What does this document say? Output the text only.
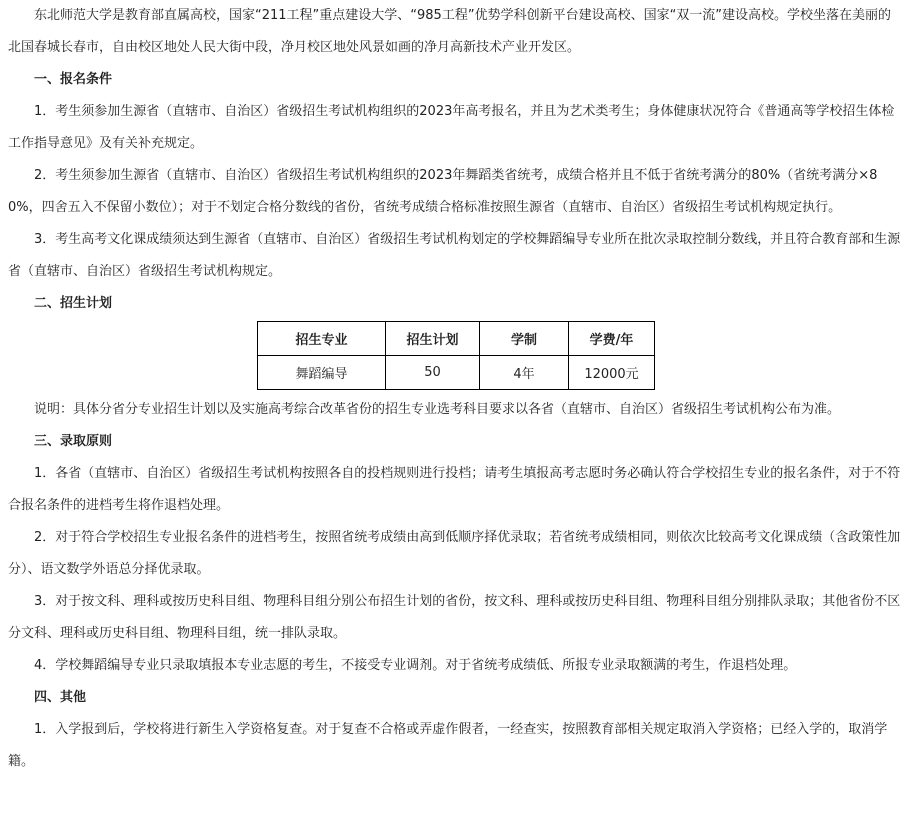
东北师范大学是教育部直属高校，国家“211工程”重点建设大学、“985工程”优势学科创新平台建设高校、国家“双一流”建设高校。学校坐落在美丽的北国春城长春市，自由校区地处人民大街中段，净月校区地处风景如画的净月高新技术产业开发区。

一、报名条件

1．考生须参加生源省（直辖市、自治区）省级招生考试机构组织的2023年高考报名，并且为艺术类考生；身体健康状况符合《普通高等学校招生体检工作指导意见》及有关补充规定。

2．考生须参加生源省（直辖市、自治区）省级招生考试机构组织的2023年舞蹈类省统考，成绩合格并且不低于省统考满分的80%（省统考满分×80%，四舍五入不保留小数位）；对于不划定合格分数线的省份，省统考成绩合格标准按照生源省（直辖市、自治区）省级招生考试机构规定执行。

3．考生高考文化课成绩须达到生源省（直辖市、自治区）省级招生考试机构划定的学校舞蹈编导专业所在批次录取控制分数线，并且符合教育部和生源省（直辖市、自治区）省级招生考试机构规定。

二、招生计划
招生专业	招生计划	学制	学费/年
舞蹈编导	50	4年	12000元

说明：具体分省分专业招生计划以及实施高考综合改革省份的招生专业选考科目要求以各省（直辖市、自治区）省级招生考试机构公布为准。

三、录取原则

1．各省（直辖市、自治区）省级招生考试机构按照各自的投档规则进行投档；请考生填报高考志愿时务必确认符合学校招生专业的报名条件，对于不符合报名条件的进档考生将作退档处理。

2．对于符合学校招生专业报名条件的进档考生，按照省统考成绩由高到低顺序择优录取；若省统考成绩相同，则依次比较高考文化课成绩（含政策性加分）、语文数学外语总分择优录取。

3．对于按文科、理科或按历史科目组、物理科目组分别公布招生计划的省份，按文科、理科或按历史科目组、物理科目组分别排队录取；其他省份不区分文科、理科或历史科目组、物理科目组，统一排队录取。

4．学校舞蹈编导专业只录取填报本专业志愿的考生，不接受专业调剂。对于省统考成绩低、所报专业录取额满的考生，作退档处理。

四、其他

1．入学报到后，学校将进行新生入学资格复查。对于复查不合格或弄虚作假者，一经查实，按照教育部相关规定取消入学资格；已经入学的，取消学籍。
